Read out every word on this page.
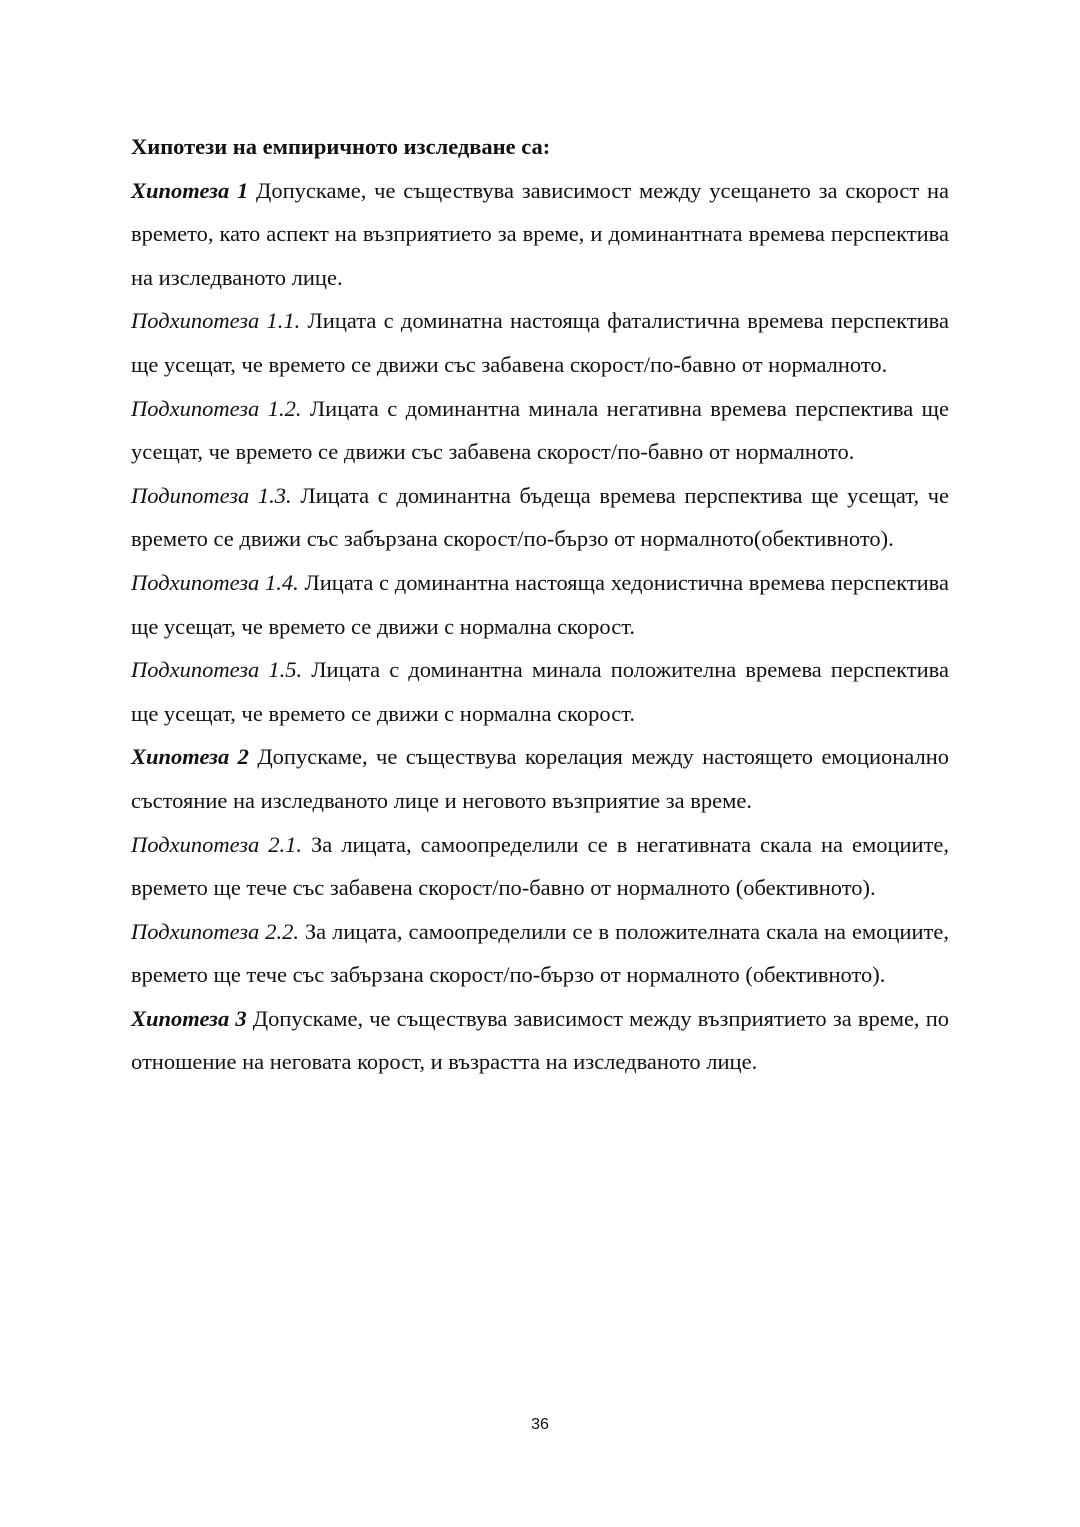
Хипотези на емпиричното изследване са:

Хипотеза 1 Допускаме, че съществува зависимост между усещането за скорост на времето, като аспект на възприятието за време, и доминантната времева перспектива на изследваното лице.

Подхипотеза 1.1. Лицата с доминатна настояща фаталистична времева перспектива ще усещат, че времето се движи със забавена скорост/по-бавно от нормалното.

Подхипотеза 1.2. Лицата с доминантна минала негативна времева перспектива ще усещат, че времето се движи със забавена скорост/по-бавно от нормалното.

Подипотеза 1.3. Лицата с доминантна бъдеща времева перспектива ще усещат, че времето се движи със забързана скорост/по-бързо от нормалното(обективното).

Подхипотеза 1.4. Лицата с доминантна настояща хедонистична времева перспектива ще усещат, че времето се движи с нормална скорост.

Подхипотеза 1.5. Лицата с доминантна минала положителна времева перспектива ще усещат, че времето се движи с нормална скорост.

Хипотеза 2 Допускаме, че съществува корелация между настоящето емоционално състояние на изследваното лице и неговото възприятие за време.

Подхипотеза 2.1. За лицата, самоопределили се в негативната скала на емоциите, времето ще тече със забавена скорост/по-бавно от нормалното (обективното).

Подхипотеза 2.2. За лицата, самоопределили се в положителната скала на емоциите, времето ще тече със забързана скорост/по-бързо от нормалното (обективното).

Хипотеза 3 Допускаме, че съществува зависимост между възприятието за време, по отношение на неговата корост, и възрастта на изследваното лице.

36
